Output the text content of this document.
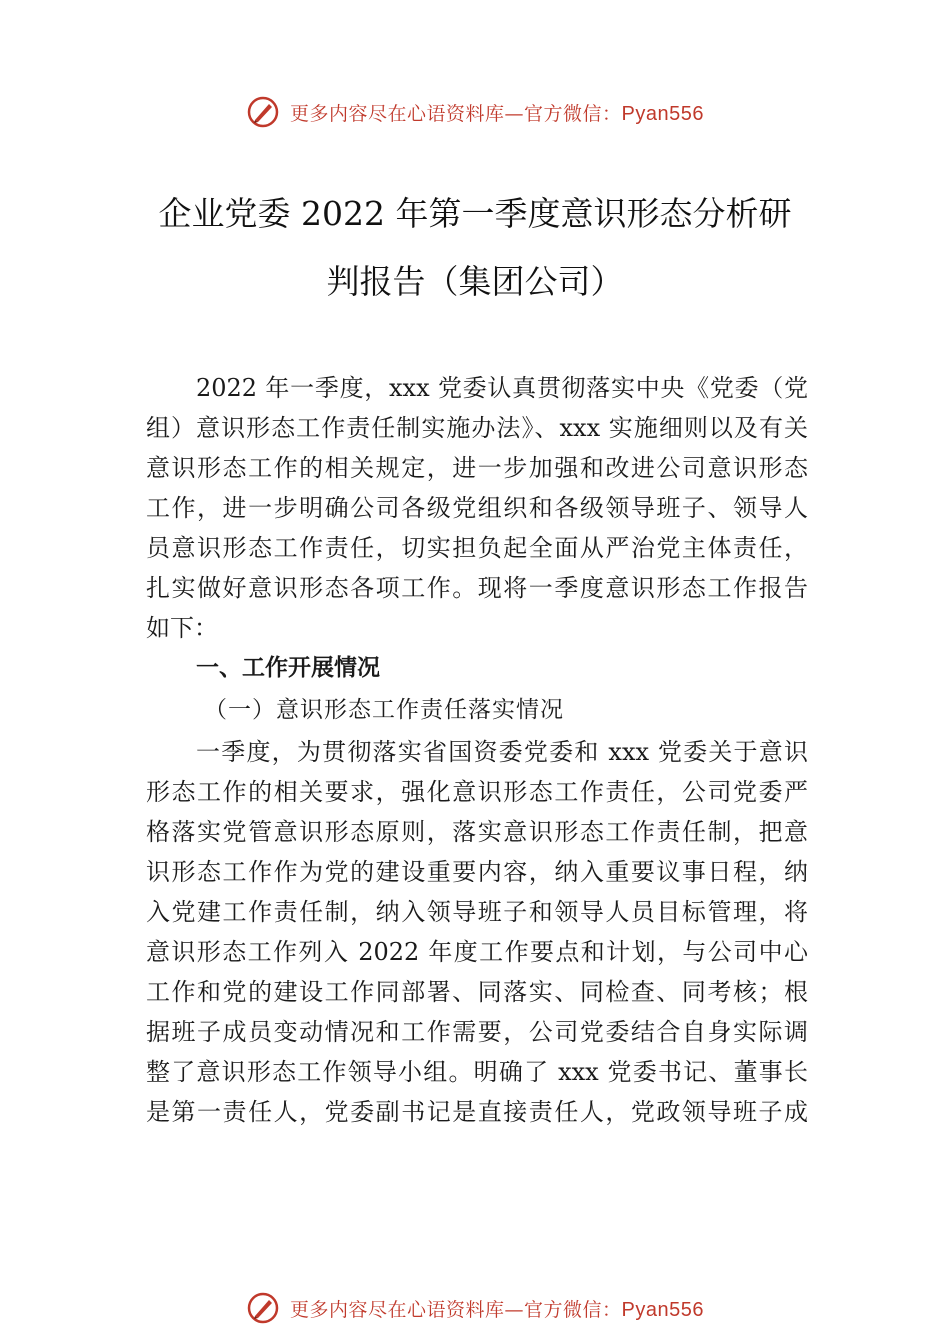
更多内容尽在心语资料库—官方微信：Pyan556
企业党委 2022 年第一季度意识形态分析研
判报告（集团公司）
2022 年一季度，xxx 党委认真贯彻落实中央《党委（党
组）意识形态工作责任制实施办法》、xxx 实施细则以及有关
意识形态工作的相关规定，进一步加强和改进公司意识形态
工作，进一步明确公司各级党组织和各级领导班子、领导人
员意识形态工作责任，切实担负起全面从严治党主体责任，
扎实做好意识形态各项工作。现将一季度意识形态工作报告
如下：
一、工作开展情况
（一）意识形态工作责任落实情况
一季度，为贯彻落实省国资委党委和 xxx 党委关于意识
形态工作的相关要求，强化意识形态工作责任，公司党委严
格落实党管意识形态原则，落实意识形态工作责任制，把意
识形态工作作为党的建设重要内容，纳入重要议事日程，纳
入党建工作责任制，纳入领导班子和领导人员目标管理，将
意识形态工作列入 2022 年度工作要点和计划，与公司中心
工作和党的建设工作同部署、同落实、同检查、同考核；根
据班子成员变动情况和工作需要，公司党委结合自身实际调
整了意识形态工作领导小组。明确了 xxx 党委书记、董事长
是第一责任人，党委副书记是直接责任人，党政领导班子成
更多内容尽在心语资料库—官方微信：Pyan556
